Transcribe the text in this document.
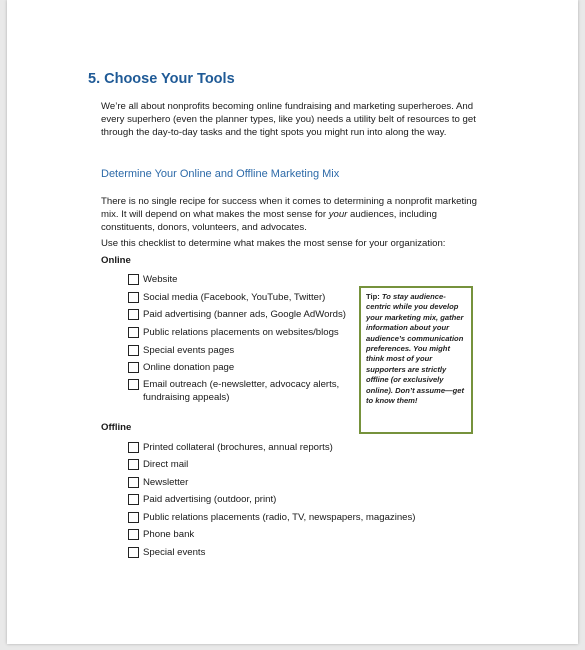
5. Choose Your Tools

We’re all about nonprofits becoming online fundraising and marketing superheroes. And every superhero (even the planner types, like you) needs a utility belt of resources to get through the day-to-day tasks and the tight spots you might run into along the way.

Determine Your Online and Offline Marketing Mix

There is no single recipe for success when it comes to determining a nonprofit marketing mix. It will depend on what makes the most sense for your audiences, including constituents, donors, volunteers, and advocates.

Use this checklist to determine what makes the most sense for your organization:

Online

Website
Social media (Facebook, YouTube, Twitter)
Paid advertising (banner ads, Google AdWords)
Public relations placements on websites/blogs
Special events pages
Online donation page
Email outreach (e-newsletter, advocacy alerts, fundraising appeals)

Offline

Printed collateral (brochures, annual reports)
Direct mail
Newsletter
Paid advertising (outdoor, print)
Public relations placements (radio, TV, newspapers, magazines)
Phone bank
Special events
Tip: To stay audience-centric while you develop your marketing mix, gather information about your audience’s communication preferences. You might think most of your supporters are strictly offline (or exclusively online). Don’t assume—get to know them!
